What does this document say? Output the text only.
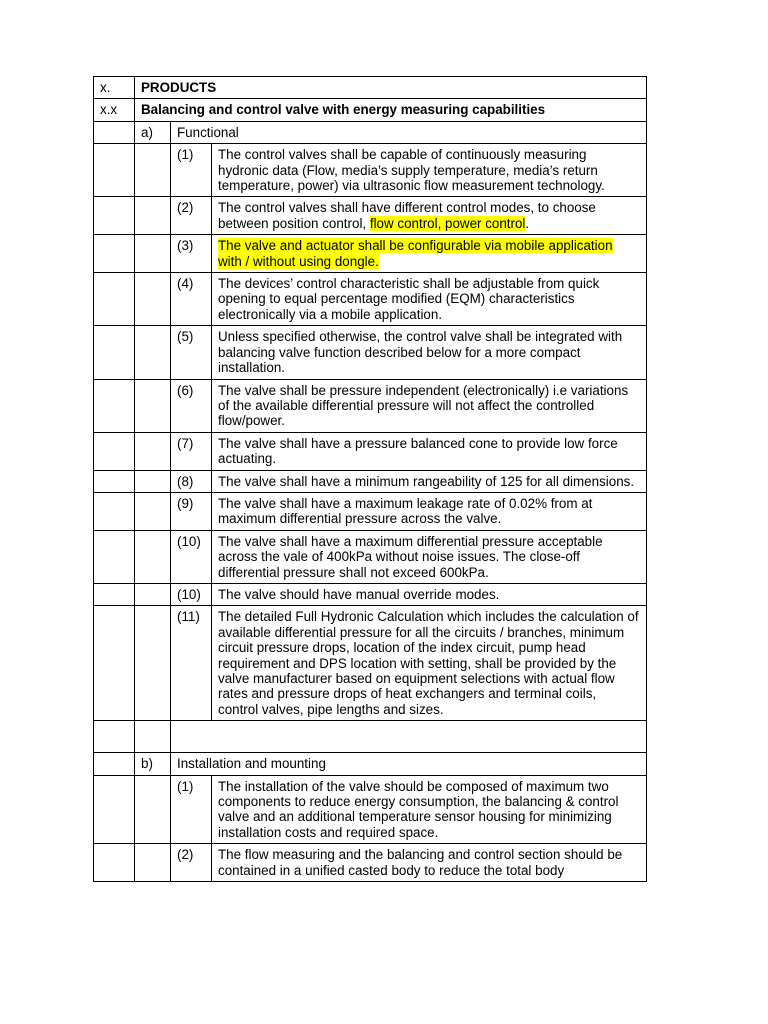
x.	PRODUCTS		
x.x	Balancing and control valve with energy measuring capabilities		
	a)	Functional	
		(1)	The control valves shall be capable of continuously measuring hydronic data (Flow, media’s supply temperature, media’s return temperature, power) via ultrasonic flow measurement technology.
		(2)	The control valves shall have different control modes, to choose between position control, flow control, power control.
		(3)	The valve and actuator shall be configurable via mobile application with / without using dongle.
		(4)	The devices’ control characteristic shall be adjustable from quick opening to equal percentage modified (EQM) characteristics electronically via a mobile application.
		(5)	Unless specified otherwise, the control valve shall be integrated with balancing valve function described below for a more compact installation.
		(6)	The valve shall be pressure independent (electronically) i.e variations of the available differential pressure will not affect the controlled flow/power.
		(7)	The valve shall have a pressure balanced cone to provide low force actuating.
		(8)	The valve shall have a minimum rangeability of 125 for all dimensions.
		(9)	The valve shall have a maximum leakage rate of 0.02% from at maximum differential pressure across the valve.
		(10)	The valve shall have a maximum differential pressure acceptable across the vale of 400kPa without noise issues. The close-off differential pressure shall not exceed 600kPa.
		(10)	The valve should have manual override modes.
		(11)	The detailed Full Hydronic Calculation which includes the calculation of available differential pressure for all the circuits / branches, minimum circuit pressure drops, location of the index circuit, pump head requirement and DPS location with setting, shall be provided by the valve manufacturer based on equipment selections with actual flow rates and pressure drops of heat exchangers and terminal coils, control valves, pipe lengths and sizes.

	b)	Installation and mounting	
		(1)	The installation of the valve should be composed of maximum two components to reduce energy consumption, the balancing & control valve and an additional temperature sensor housing for minimizing installation costs and required space.
		(2)	The flow measuring and the balancing and control section should be contained in a unified casted body to reduce the total body
